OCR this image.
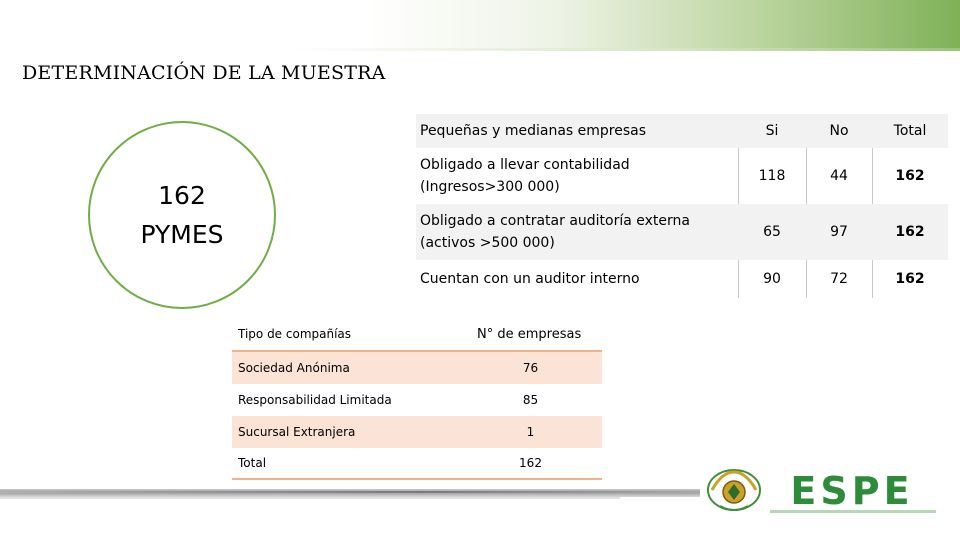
DETERMINACIÓN DE LA MUESTRA
162
PYMES
Pequeñas y medianas empresas	Si	No	Total
Obligado a llevar contabilidad
(Ingresos>300 000)
118	44	162
Obligado a contratar auditoría externa
(activos >500 000)
65	97	162
Cuentan con un auditor interno	90	72	162
Tipo de compañías	N° de empresas
Sociedad Anónima	76
Responsabilidad Limitada	85
Sucursal Extranjera	1
Total	162
ESPE
